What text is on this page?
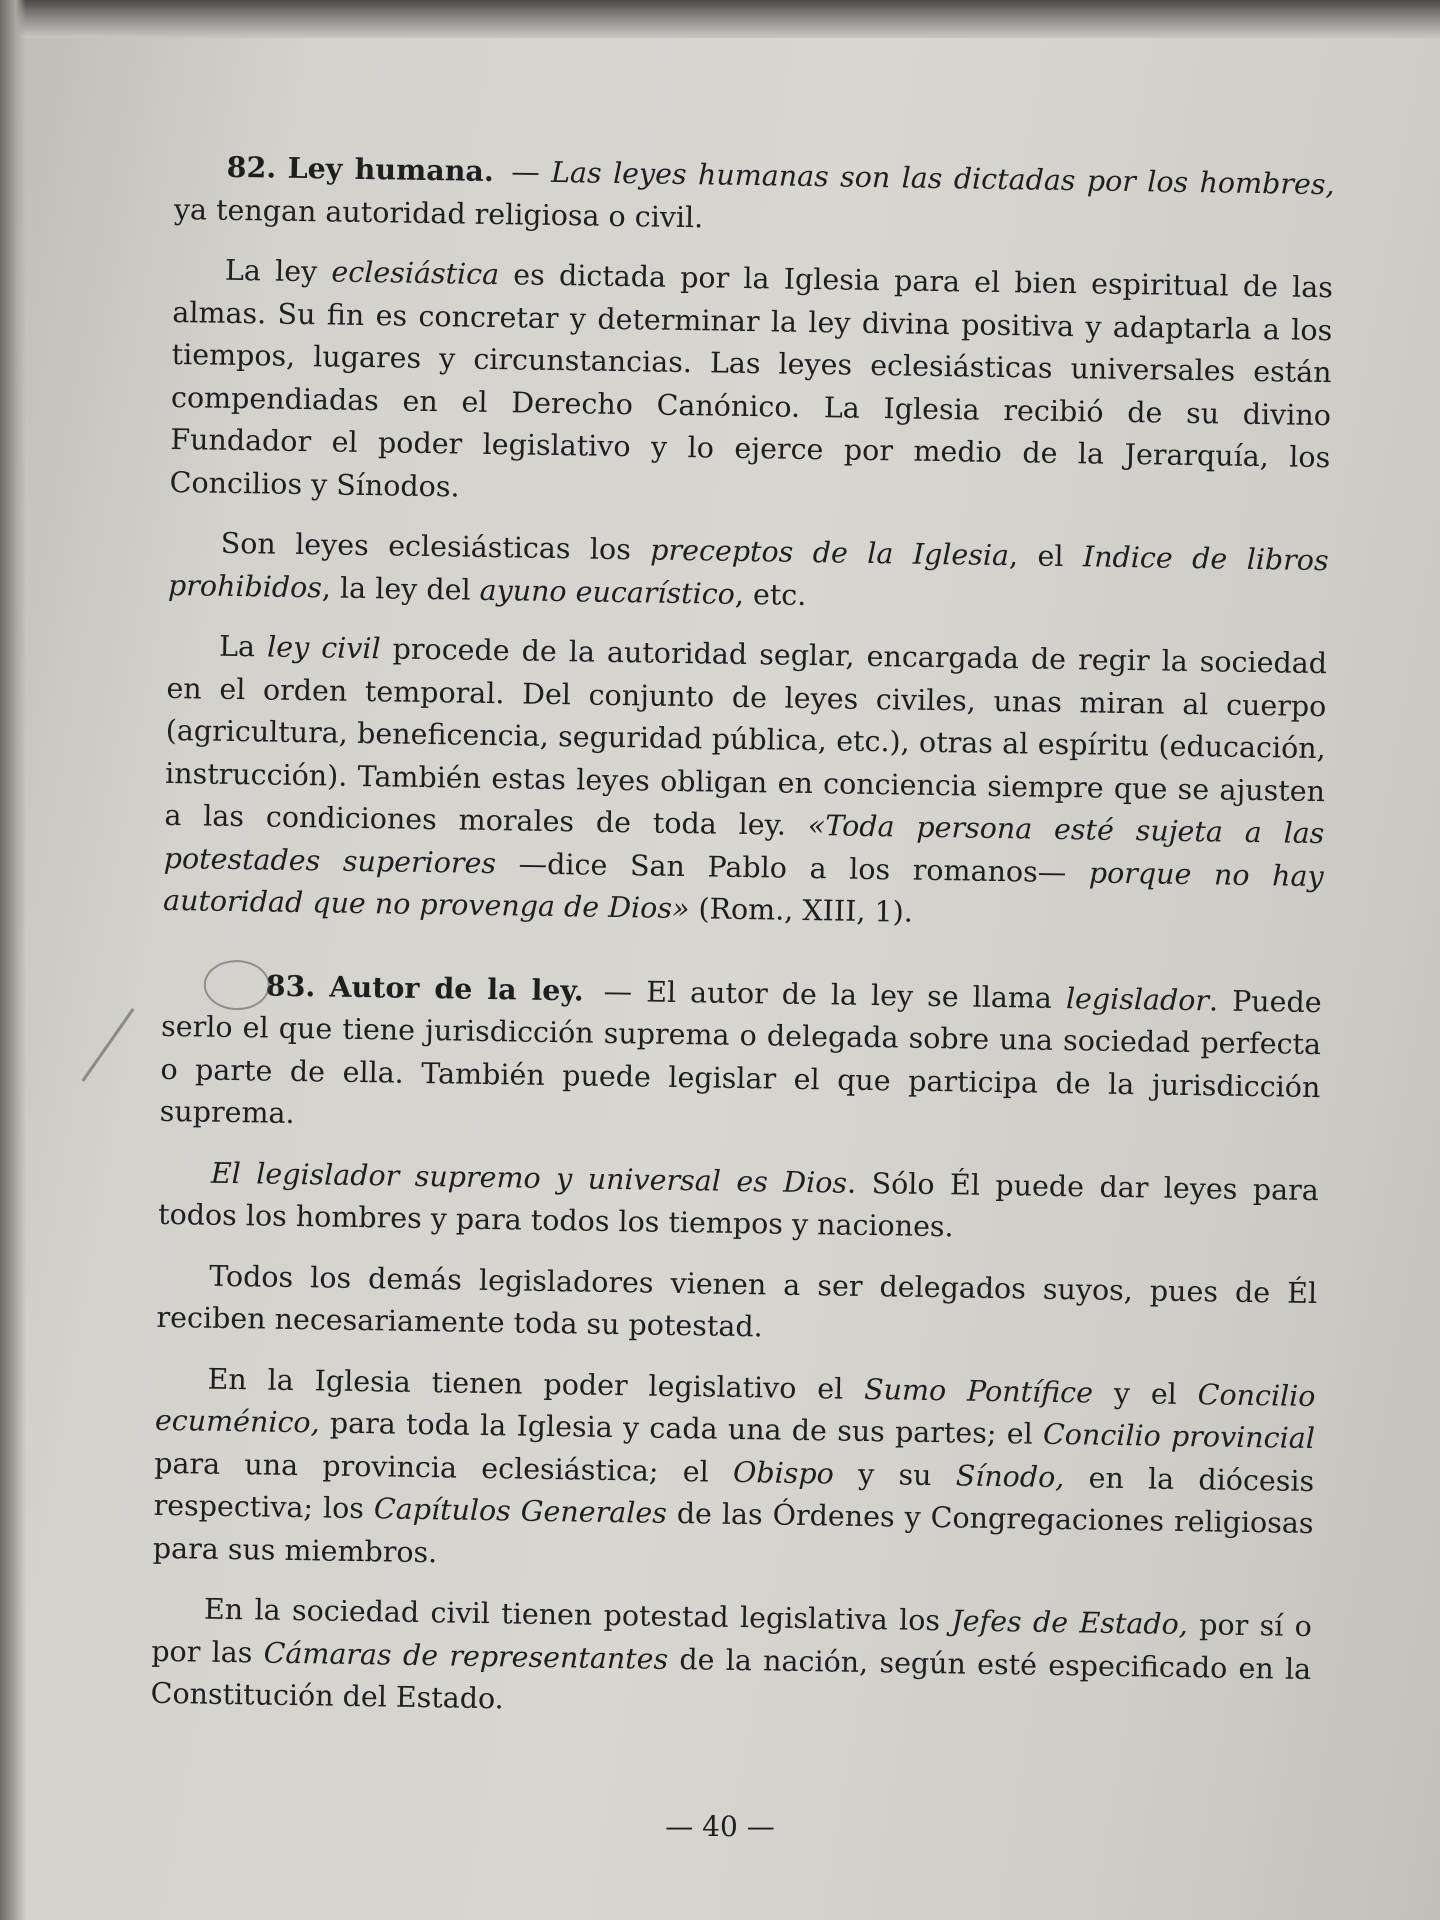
82. Ley humana. — Las leyes humanas son las dictadas por los hombres, ya tengan autoridad religiosa o civil.

La ley eclesiástica es dictada por la Iglesia para el bien espiritual de las almas. Su fin es concretar y determinar la ley divina positiva y adaptarla a los tiempos, lugares y circunstancias. Las leyes eclesiásticas universales están compendiadas en el Derecho Canónico. La Iglesia recibió de su divino Fundador el poder legislativo y lo ejerce por medio de la Jerarquía, los Concilios y Sínodos.

Son leyes eclesiásticas los preceptos de la Iglesia, el Indice de libros prohibidos, la ley del ayuno eucarístico, etc.

La ley civil procede de la autoridad seglar, encargada de regir la sociedad en el orden temporal. Del conjunto de leyes civiles, unas miran al cuerpo (agricultura, beneficencia, seguridad pública, etc.), otras al espíritu (educación, instrucción). También estas leyes obligan en conciencia siempre que se ajusten a las condiciones morales de toda ley. «Toda persona esté sujeta a las potestades superiores —dice San Pablo a los romanos— porque no hay autoridad que no provenga de Dios» (Rom., XIII, 1).

83. Autor de la ley. — El autor de la ley se llama legislador. Puede serlo el que tiene jurisdicción suprema o delegada sobre una sociedad perfecta o parte de ella. También puede legislar el que participa de la jurisdicción suprema.

El legislador supremo y universal es Dios. Sólo Él puede dar leyes para todos los hombres y para todos los tiempos y naciones.

Todos los demás legisladores vienen a ser delegados suyos, pues de Él reciben necesariamente toda su potestad.

En la Iglesia tienen poder legislativo el Sumo Pontífice y el Concilio ecuménico, para toda la Iglesia y cada una de sus partes; el Concilio provincial para una provincia eclesiástica; el Obispo y su Sínodo, en la diócesis respectiva; los Capítulos Generales de las Órdenes y Congregaciones religiosas para sus miembros.

En la sociedad civil tienen potestad legislativa los Jefes de Estado, por sí o por las Cámaras de representantes de la nación, según esté especificado en la Constitución del Estado.

— 40 —
